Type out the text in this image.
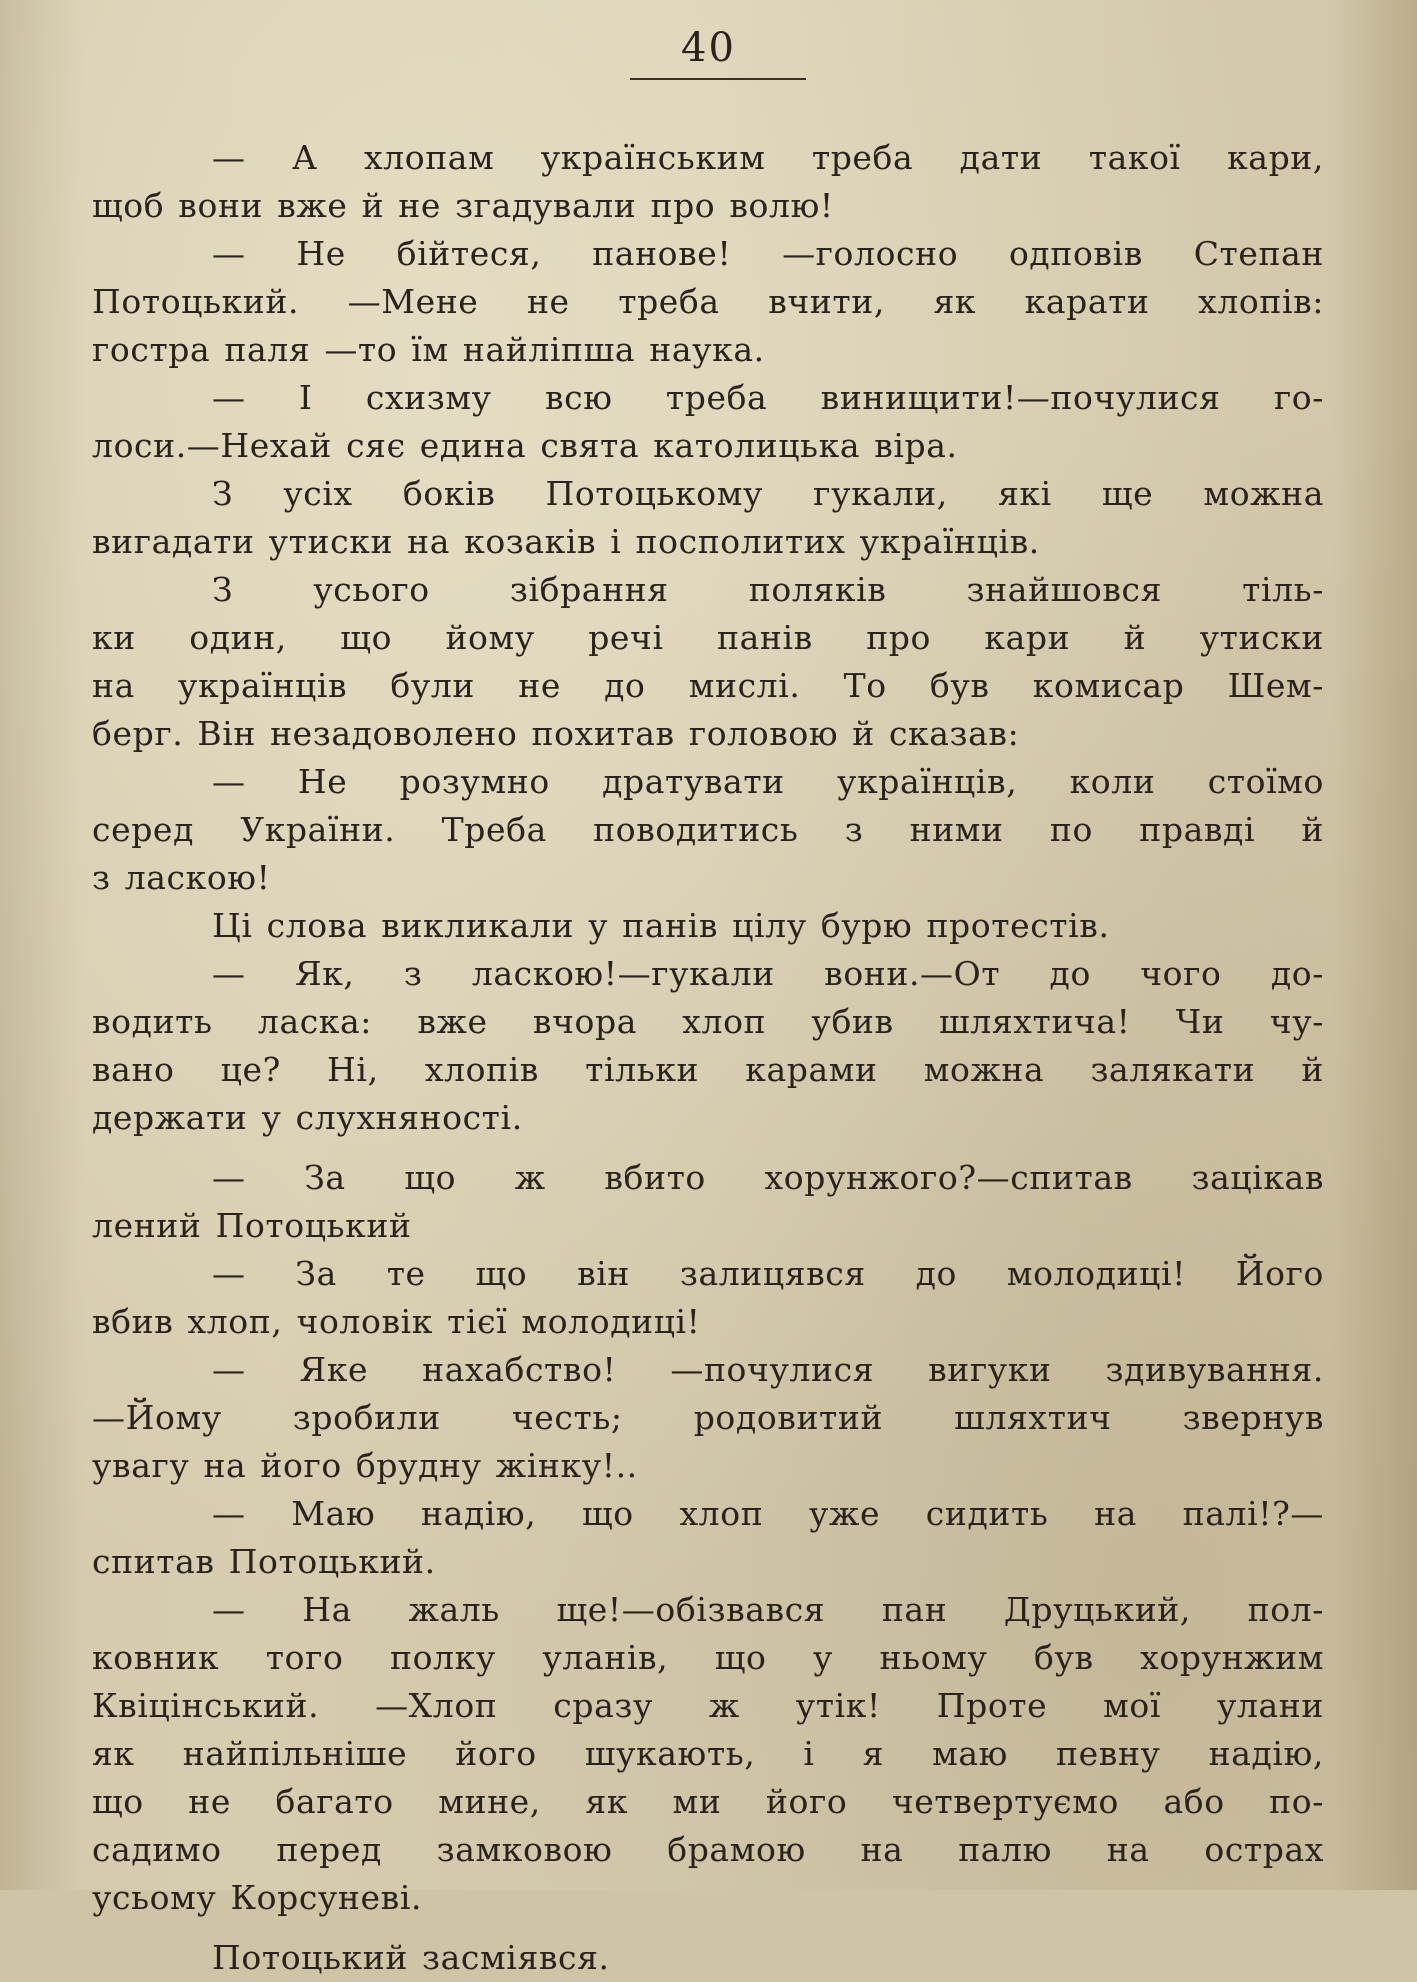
40
— А хлопам українським треба дати такої кари,
щоб вони вже й не згадували про волю!
— Не бійтеся, панове! —голосно одповів Степан
Потоцький. —Мене не треба вчити, як карати хлопів:
гостра паля —то їм найліпша наука.
— І схизму всю треба винищити!—почулися го-
лоси.—Нехай сяє едина свята католицька віра.
З усіх боків Потоцькому гукали, які ще можна
вигадати утиски на козаків і посполитих українців.
З усього зібрання поляків знайшовся тіль-
ки один, що йому речі панів про кари й утиски
на українців були не до мислі. То був комисар Шем-
берг. Він незадоволено похитав головою й сказав:
— Не розумно дратувати українців, коли стоїмо
серед України. Треба поводитись з ними по правді й
з ласкою!
Ці слова викликали у панів цілу бурю протестів.
— Як, з ласкою!—гукали вони.—От до чого до-
водить ласка: вже вчора хлоп убив шляхтича! Чи чу-
вано це? Ні, хлопів тільки карами можна залякати й
держати у слухняності.
— За що ж вбито хорунжого?—спитав зацікав
лений Потоцький
— За те що він залицявся до молодиці! Його
вбив хлоп, чоловік тієї молодиці!
— Яке нахабство! —почулися вигуки здивування.
—Йому зробили честь; родовитий шляхтич звернув
увагу на його брудну жінку!..
— Маю надію, що хлоп уже сидить на палі!?—
спитав Потоцький.
— На жаль ще!—обізвався пан Друцький, пол-
ковник того полку уланів, що у ньому був хорунжим
Квіцінський. —Хлоп сразу ж утік! Проте мої улани
як найпільніше його шукають, і я маю певну надію,
що не багато мине, як ми його четвертуємо або по-
садимо перед замковою брамою на палю на острах
усьому Корсуневі.
Потоцький засміявся.
